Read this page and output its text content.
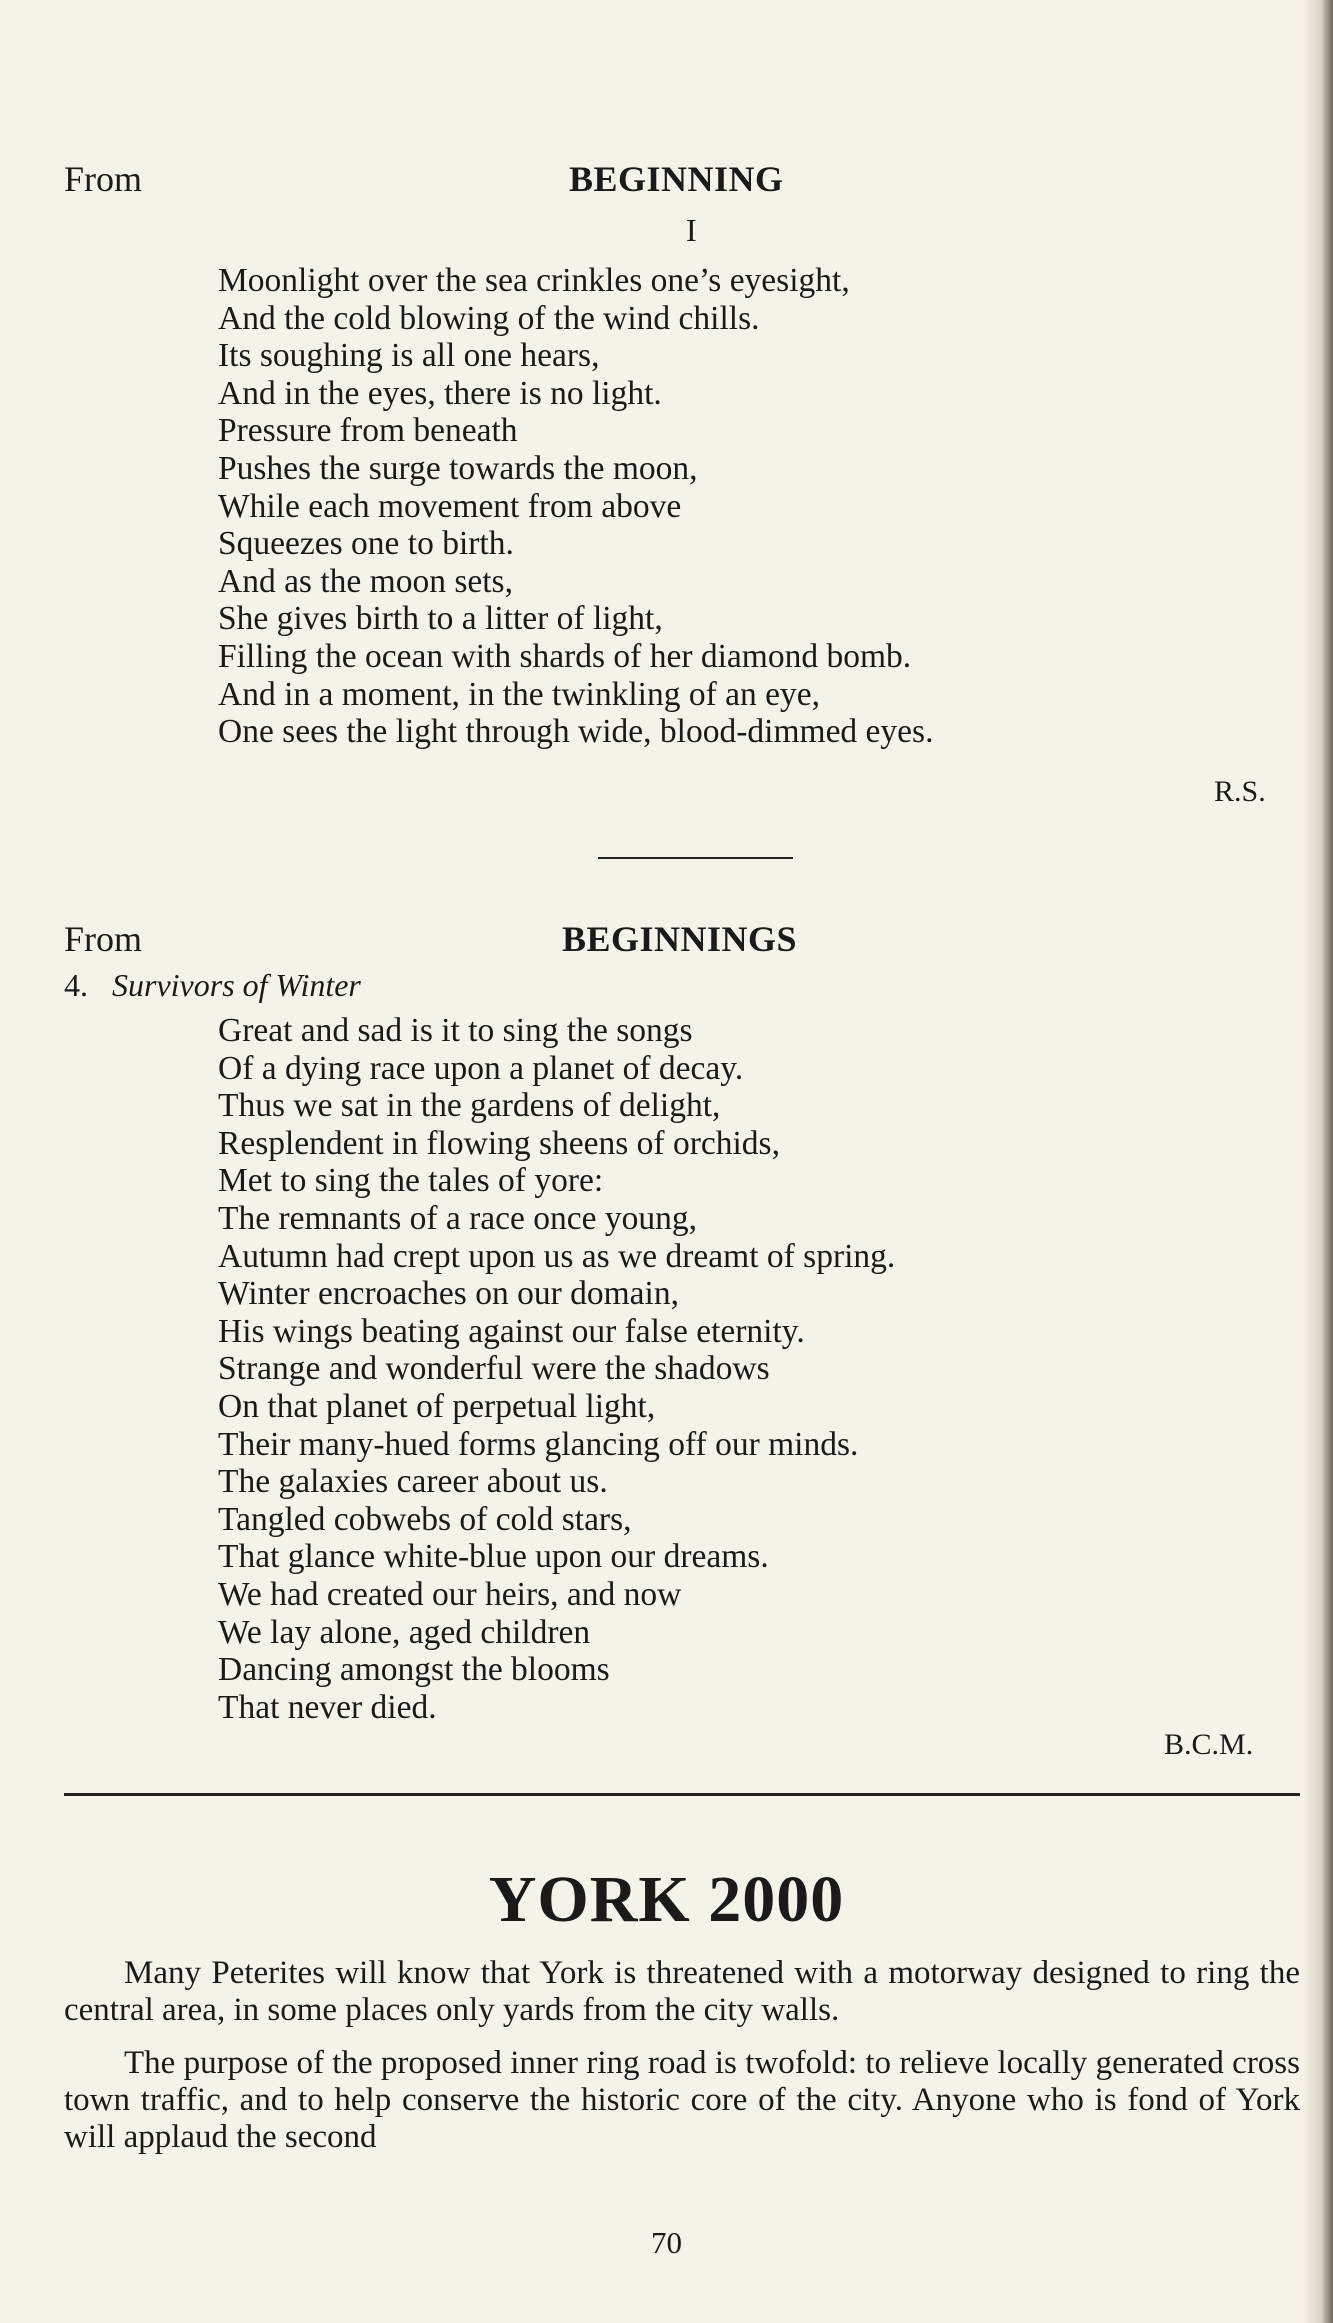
From	BEGINNING
I
Moonlight over the sea crinkles one’s eyesight,
And the cold blowing of the wind chills.
Its soughing is all one hears,
And in the eyes, there is no light.
Pressure from beneath
Pushes the surge towards the moon,
While each movement from above
Squeezes one to birth.
And as the moon sets,
She gives birth to a litter of light,
Filling the ocean with shards of her diamond bomb.
And in a moment, in the twinkling of an eye,
One sees the light through wide, blood-dimmed eyes.
R.S.
From	BEGINNINGS
4. Survivors of Winter
Great and sad is it to sing the songs
Of a dying race upon a planet of decay.
Thus we sat in the gardens of delight,
Resplendent in flowing sheens of orchids,
Met to sing the tales of yore:
The remnants of a race once young,
Autumn had crept upon us as we dreamt of spring.
Winter encroaches on our domain,
His wings beating against our false eternity.
Strange and wonderful were the shadows
On that planet of perpetual light,
Their many-hued forms glancing off our minds.
The galaxies career about us.
Tangled cobwebs of cold stars,
That glance white-blue upon our dreams.
We had created our heirs, and now
We lay alone, aged children
Dancing amongst the blooms
That never died.
B.C.M.
YORK 2000

Many Peterites will know that York is threatened with a motorway designed to ring the central area, in some places only yards from the city walls.

The purpose of the proposed inner ring road is twofold: to relieve locally generated cross town traffic, and to help conserve the historic core of the city. Anyone who is fond of York will applaud the second

70
